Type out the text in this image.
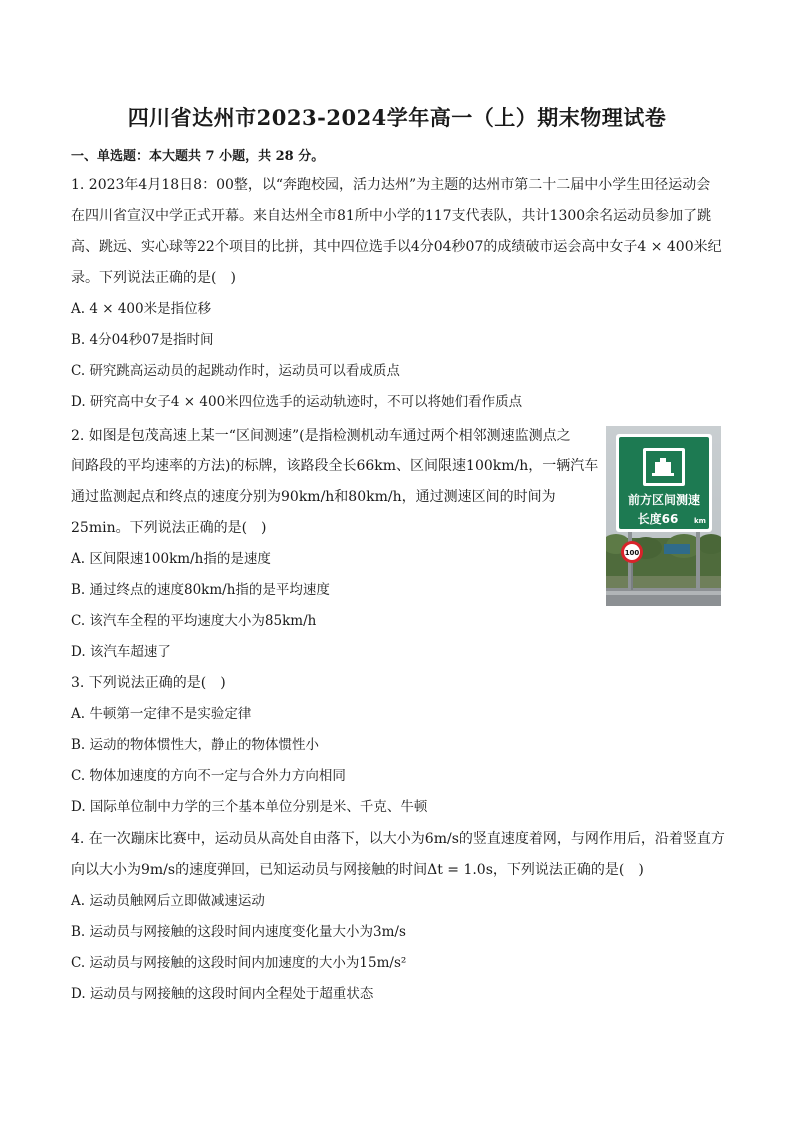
四川省达州市2023-2024学年高一（上）期末物理试卷
一、单选题：本大题共 7 小题，共 28 分。
1. 2023年4月18日8：00整，以“奔跑校园，活力达州”为主题的达州市第二十二届中小学生田径运动会
在四川省宣汉中学正式开幕。来自达州全市81所中小学的117支代表队，共计1300余名运动员参加了跳
高、跳远、实心球等22个项目的比拼，其中四位选手以4分04秒07的成绩破市运会高中女子4 × 400米纪
录。下列说法正确的是(　)
A. 4 × 400米是指位移
B. 4分04秒07是指时间
C. 研究跳高运动员的起跳动作时，运动员可以看成质点
D. 研究高中女子4 × 400米四位选手的运动轨迹时，不可以将她们看作质点
2. 如图是包茂高速上某一“区间测速”(是指检测机动车通过两个相邻测速监测点之
间路段的平均速率的方法)的标牌，该路段全长66km、区间限速100km/h，一辆汽车
通过监测起点和终点的速度分别为90km/h和80km/h，通过测速区间的时间为
25min。下列说法正确的是(　)
A. 区间限速100km/h指的是速度
B. 通过终点的速度80km/h指的是平均速度
C. 该汽车全程的平均速度大小为85km/h
D. 该汽车超速了
前方区间测速
长度66 km
100
3. 下列说法正确的是(　)
A. 牛顿第一定律不是实验定律
B. 运动的物体惯性大，静止的物体惯性小
C. 物体加速度的方向不一定与合外力方向相同
D. 国际单位制中力学的三个基本单位分别是米、千克、牛顿
4. 在一次蹦床比赛中，运动员从高处自由落下，以大小为6m/s的竖直速度着网，与网作用后，沿着竖直方
向以大小为9m/s的速度弹回，已知运动员与网接触的时间Δt = 1.0s，下列说法正确的是(　)
A. 运动员触网后立即做减速运动
B. 运动员与网接触的这段时间内速度变化量大小为3m/s
C. 运动员与网接触的这段时间内加速度的大小为15m/s²
D. 运动员与网接触的这段时间内全程处于超重状态
